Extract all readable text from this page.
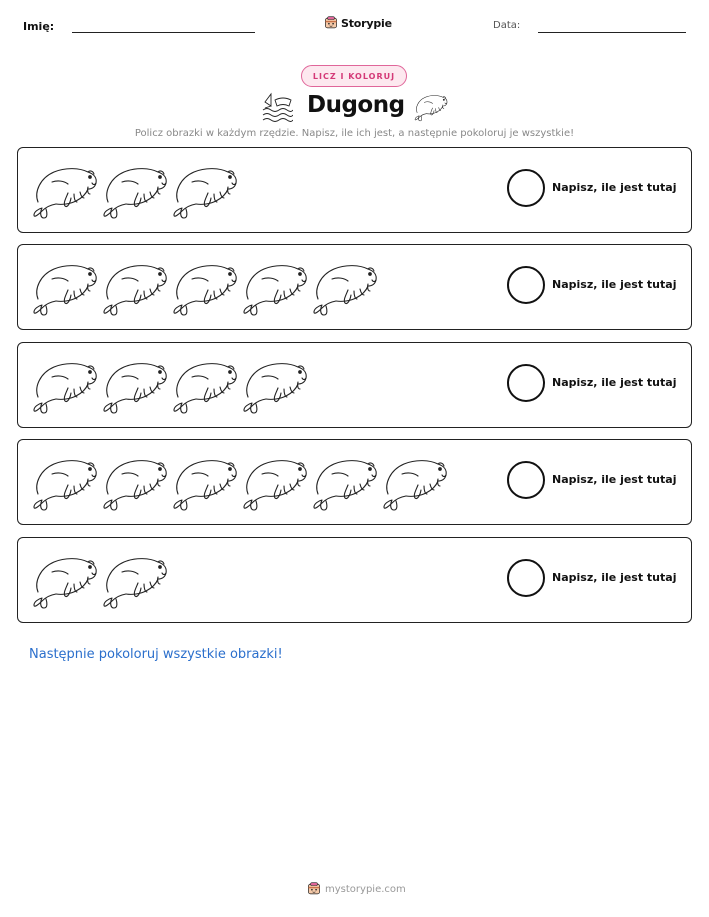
Imię:	Storypie	Data:
LICZ I KOLORUJ
Dugong
Policz obrazki w każdym rzędzie. Napisz, ile ich jest, a następnie pokoloruj je wszystkie!
Napisz, ile jest tutaj
Napisz, ile jest tutaj
Napisz, ile jest tutaj
Napisz, ile jest tutaj
Napisz, ile jest tutaj
Następnie pokoloruj wszystkie obrazki!
mystorypie.com
